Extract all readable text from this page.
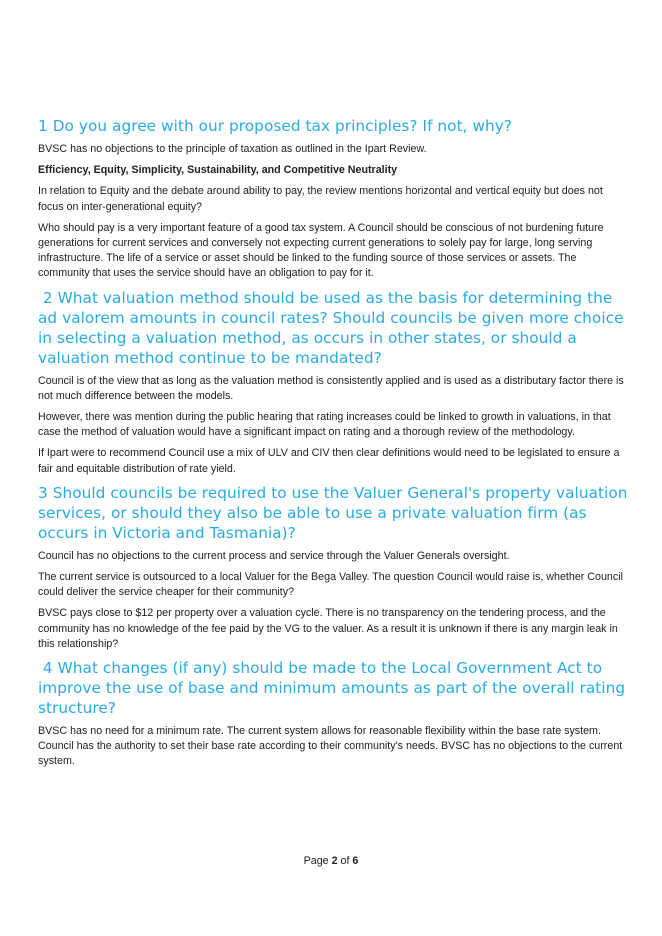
1 Do you agree with our proposed tax principles? If not, why?

BVSC has no objections to the principle of taxation as outlined in the Ipart Review.

Efficiency, Equity, Simplicity, Sustainability, and Competitive Neutrality

In relation to Equity and the debate around ability to pay, the review mentions horizontal and vertical equity but does not focus on inter-generational equity?

Who should pay is a very important feature of a good tax system. A Council should be conscious of not burdening future generations for current services and conversely not expecting current generations to solely pay for large, long serving infrastructure. The life of a service or asset should be linked to the funding source of those services or assets. The community that uses the service should have an obligation to pay for it.

2 What valuation method should be used as the basis for determining the ad valorem amounts in council rates? Should councils be given more choice in selecting a valuation method, as occurs in other states, or should a valuation method continue to be mandated?

Council is of the view that as long as the valuation method is consistently applied and is used as a distributary factor there is not much difference between the models.

However, there was mention during the public hearing that rating increases could be linked to growth in valuations, in that case the method of valuation would have a significant impact on rating and a thorough review of the methodology.

If Ipart were to recommend Council use a mix of ULV and CIV then clear definitions would need to be legislated to ensure a fair and equitable distribution of rate yield.

3 Should councils be required to use the Valuer General's property valuation services, or should they also be able to use a private valuation firm (as occurs in Victoria and Tasmania)?

Council has no objections to the current process and service through the Valuer Generals oversight.

The current service is outsourced to a local Valuer for the Bega Valley. The question Council would raise is, whether Council could deliver the service cheaper for their community?

BVSC pays close to $12 per property over a valuation cycle. There is no transparency on the tendering process, and the community has no knowledge of the fee paid by the VG to the valuer. As a result it is unknown if there is any margin leak in this relationship?

4 What changes (if any) should be made to the Local Government Act to improve the use of base and minimum amounts as part of the overall rating structure?

BVSC has no need for a minimum rate. The current system allows for reasonable flexibility within the base rate system. Council has the authority to set their base rate according to their community's needs. BVSC has no objections to the current system.

Page 2 of 6
